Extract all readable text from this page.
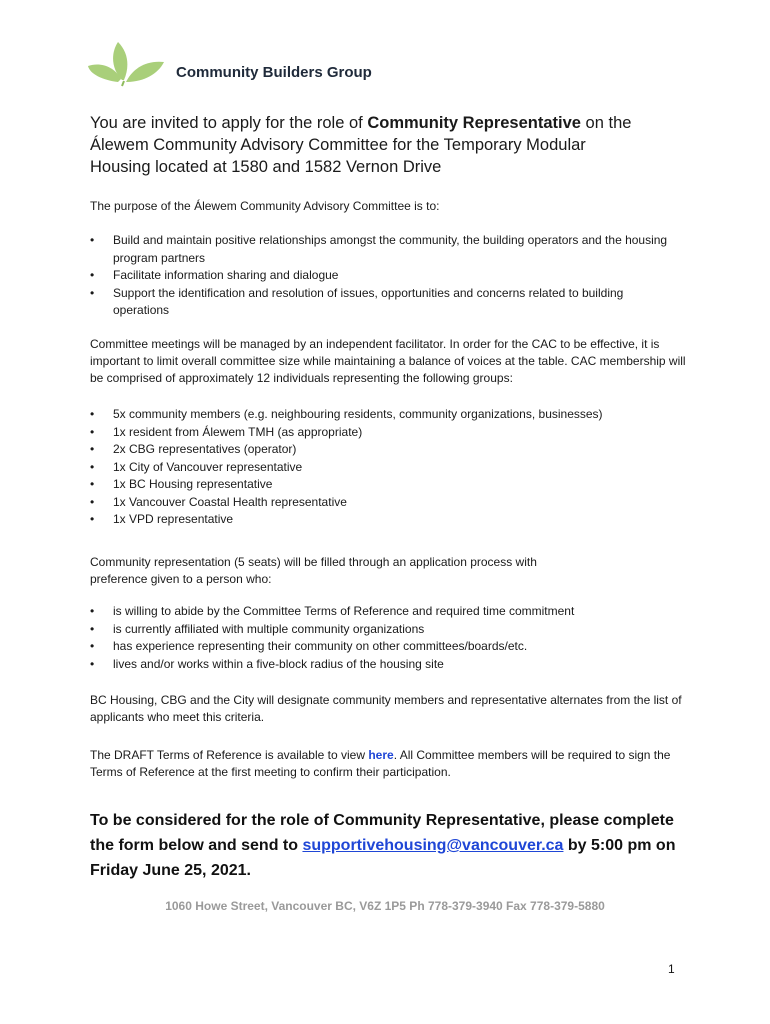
Community Builders Group
You are invited to apply for the role of Community Representative on the Álewem Community Advisory Committee for the Temporary Modular Housing located at 1580 and 1582 Vernon Drive
The purpose of the Álewem Community Advisory Committee is to:
• Build and maintain positive relationships amongst the community, the building operators and the housing program partners
• Facilitate information sharing and dialogue
• Support the identification and resolution of issues, opportunities and concerns related to building operations
Committee meetings will be managed by an independent facilitator. In order for the CAC to be effective, it is important to limit overall committee size while maintaining a balance of voices at the table. CAC membership will be comprised of approximately 12 individuals representing the following groups:
• 5x community members (e.g. neighbouring residents, community organizations, businesses)
• 1x resident from Álewem TMH (as appropriate)
• 2x CBG representatives (operator)
• 1x City of Vancouver representative
• 1x BC Housing representative
• 1x Vancouver Coastal Health representative
• 1x VPD representative
Community representation (5 seats) will be filled through an application process with preference given to a person who:
• is willing to abide by the Committee Terms of Reference and required time commitment
• is currently affiliated with multiple community organizations
• has experience representing their community on other committees/boards/etc.
• lives and/or works within a five-block radius of the housing site
BC Housing, CBG and the City will designate community members and representative alternates from the list of applicants who meet this criteria.
The DRAFT Terms of Reference is available to view here. All Committee members will be required to sign the Terms of Reference at the first meeting to confirm their participation.
To be considered for the role of Community Representative, please complete the form below and send to supportivehousing@vancouver.ca by 5:00 pm on Friday June 25, 2021.
1060 Howe Street, Vancouver BC, V6Z 1P5 Ph 778-379-3940 Fax 778-379-5880
1
